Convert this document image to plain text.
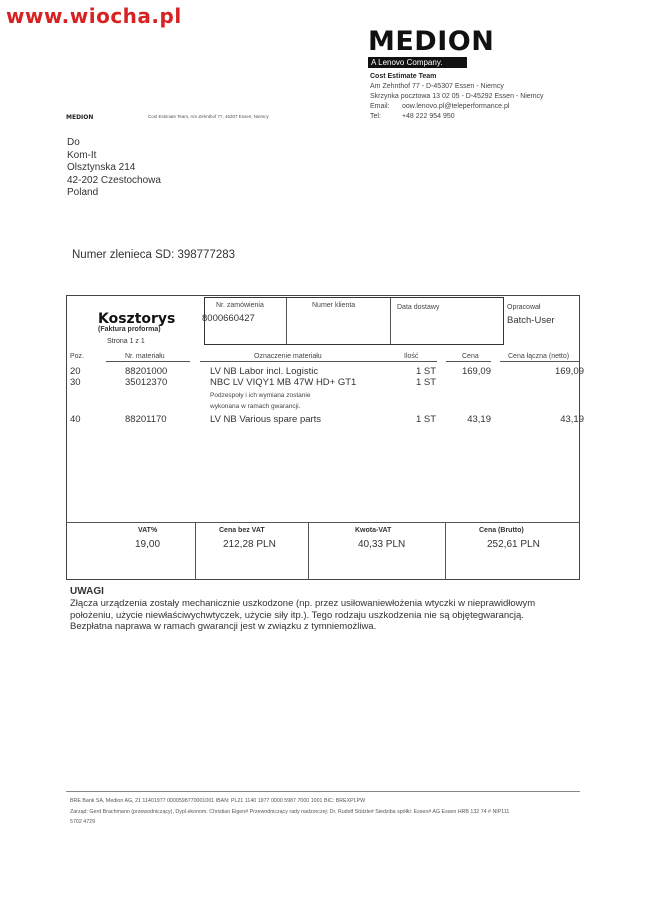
www.wiocha.pl
MEDION
A Lenovo Company.
Cost Estimate Team
Am Zehnthof 77 - D-45307 Essen - Niemcy
Skrzynka pocztowa 13 02 05 - D-45292 Essen - Niemcy
Email: oow.lenovo.pl@teleperformance.pl
Tel:	+48 222 954 950
MEDION	Cost Estimate Team, Am Zehnthof 77, 45307 Essen, Niemcy
Do
Kom-It
Olsztynska 214
42-202 Czestochowa
Poland
Numer zlenieca SD: 398777283
Kosztorys
(Faktura proforma)
Strona 1 z 1
Nr. zamówienia
8000660427
Numer klienta	Data dostawy	Opracował
Batch-User
Poz.	Nr. materiału	Oznaczenie materiału	Ilość	Cena	Cena łączna (netto)
20	88201000	LV NB Labor incl. Logistic	1 ST	169,09	169,09
30	35012370	NBC LV VIQY1 MB 47W HD+ GT1	1 ST
Podzespoły i ich wymiana zostanie
wykonana w ramach gwarancji.
40	88201170	LV NB Various spare parts	1 ST	43,19	43,19
VAT%
19,00
Cena bez VAT
212,28 PLN
Kwota-VAT
40,33 PLN
Cena (Brutto)
252,61 PLN
UWAGI
Złącza urządzenia zostały mechanicznie uszkodzone (np. przez usiłowaniewłożenia wtyczki w nieprawidłowym
położeniu, użycie niewłaściwychwtyczek, użycie siły itp.). Tego rodzaju uszkodzenia nie są objętegwarancją.
Bezpłatna naprawa w ramach gwarancji jest w związku z tymniemożliwa.
BRE Bank SA, Medion AG, 21 11401977 0000598770001001 IBAN: PL21 1140 1977 0000 5987 7000 1001 BIC: BREXPLPW
Zarząd: Gerd Brachmann (przewodniczący), Dypl.ekonom. Christian Eigen# Przewodniczący rady nadzorczej: Dr. Rudolf Stützle# Siedziba spółki: Essen# AG Essen HRB 132 74 # NIP111
5702 4729
